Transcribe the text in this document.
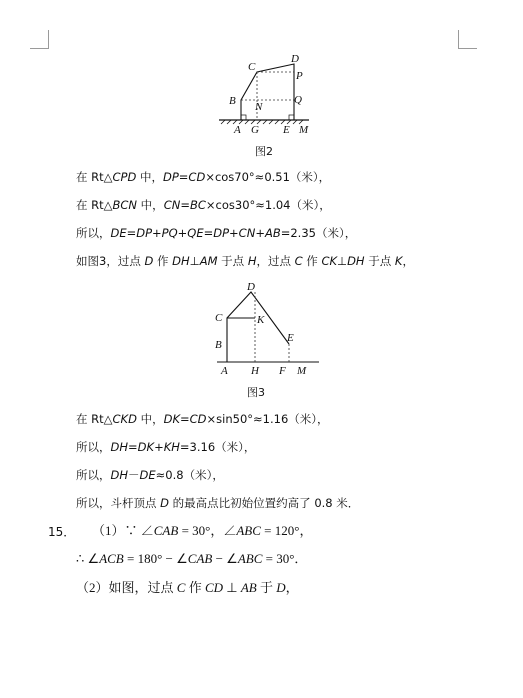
C
D
P
B N
Q
A G E M
图2
在 Rt△CPD 中，DP=CD×cos70°≈0.51（米），
在 Rt△BCN 中，CN=BC×cos30°≈1.04（米），
所以，DE=DP+PQ+QE=DP+CN+AB=2.35（米），
如图3，过点 D 作 DH⊥AM 于点 H，过点 C 作 CK⊥DH 于点 K，
D
C	K
E
B
A H F M
图3
在 Rt△CKD 中，DK=CD×sin50°≈1.16（米），
所以，DH=DK+KH=3.16（米），
所以，DH－DE≈0.8（米），
所以，斗杆顶点 D 的最高点比初始位置约高了 0.8 米．
15． （1）∵ ∠CAB = 30°，∠ABC = 120°，
∴ ∠ACB = 180° − ∠CAB − ∠ABC = 30°．
（2）如图，过点 C 作 CD ⊥ AB 于 D，
